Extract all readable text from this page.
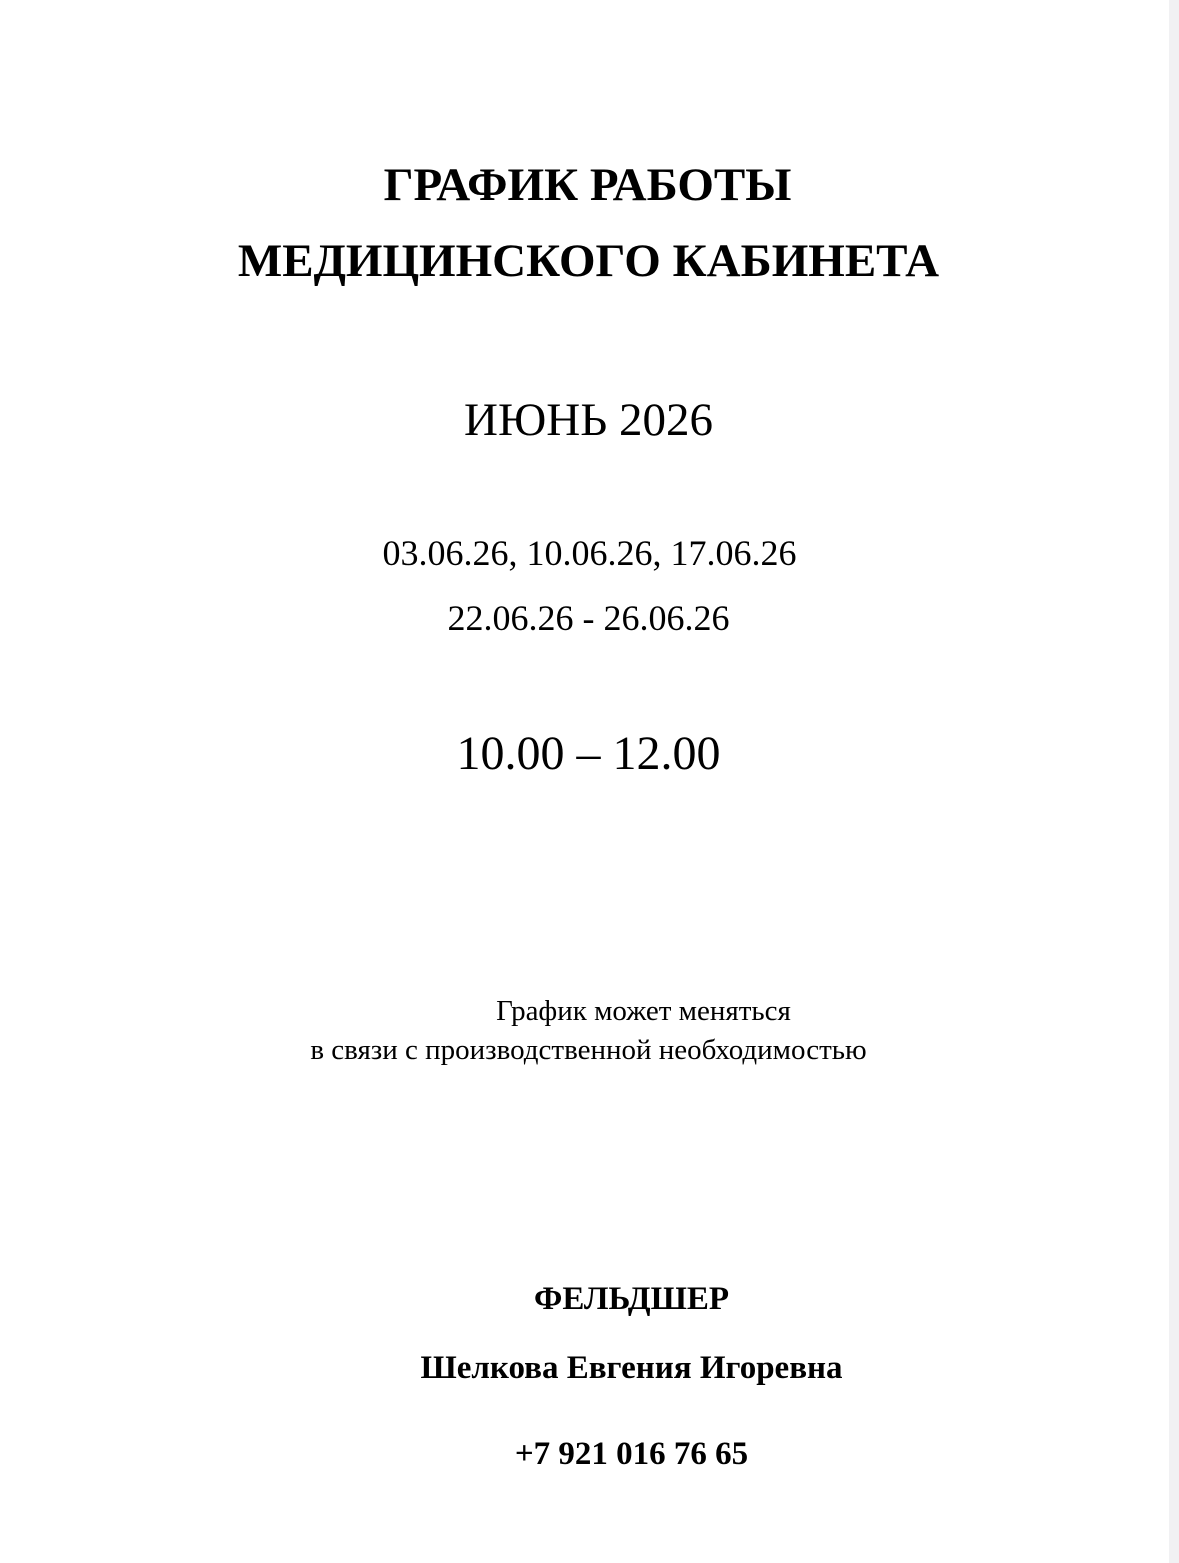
ГРАФИК РАБОТЫ
МЕДИЦИНСКОГО КАБИНЕТА
ИЮНЬ 2026
03.06.26, 10.06.26, 17.06.26
22.06.26 - 26.06.26
10.00 – 12.00
График может меняться
в связи с производственной необходимостью
ФЕЛЬДШЕР
Шелкова Евгения Игоревна
+7 921 016 76 65
